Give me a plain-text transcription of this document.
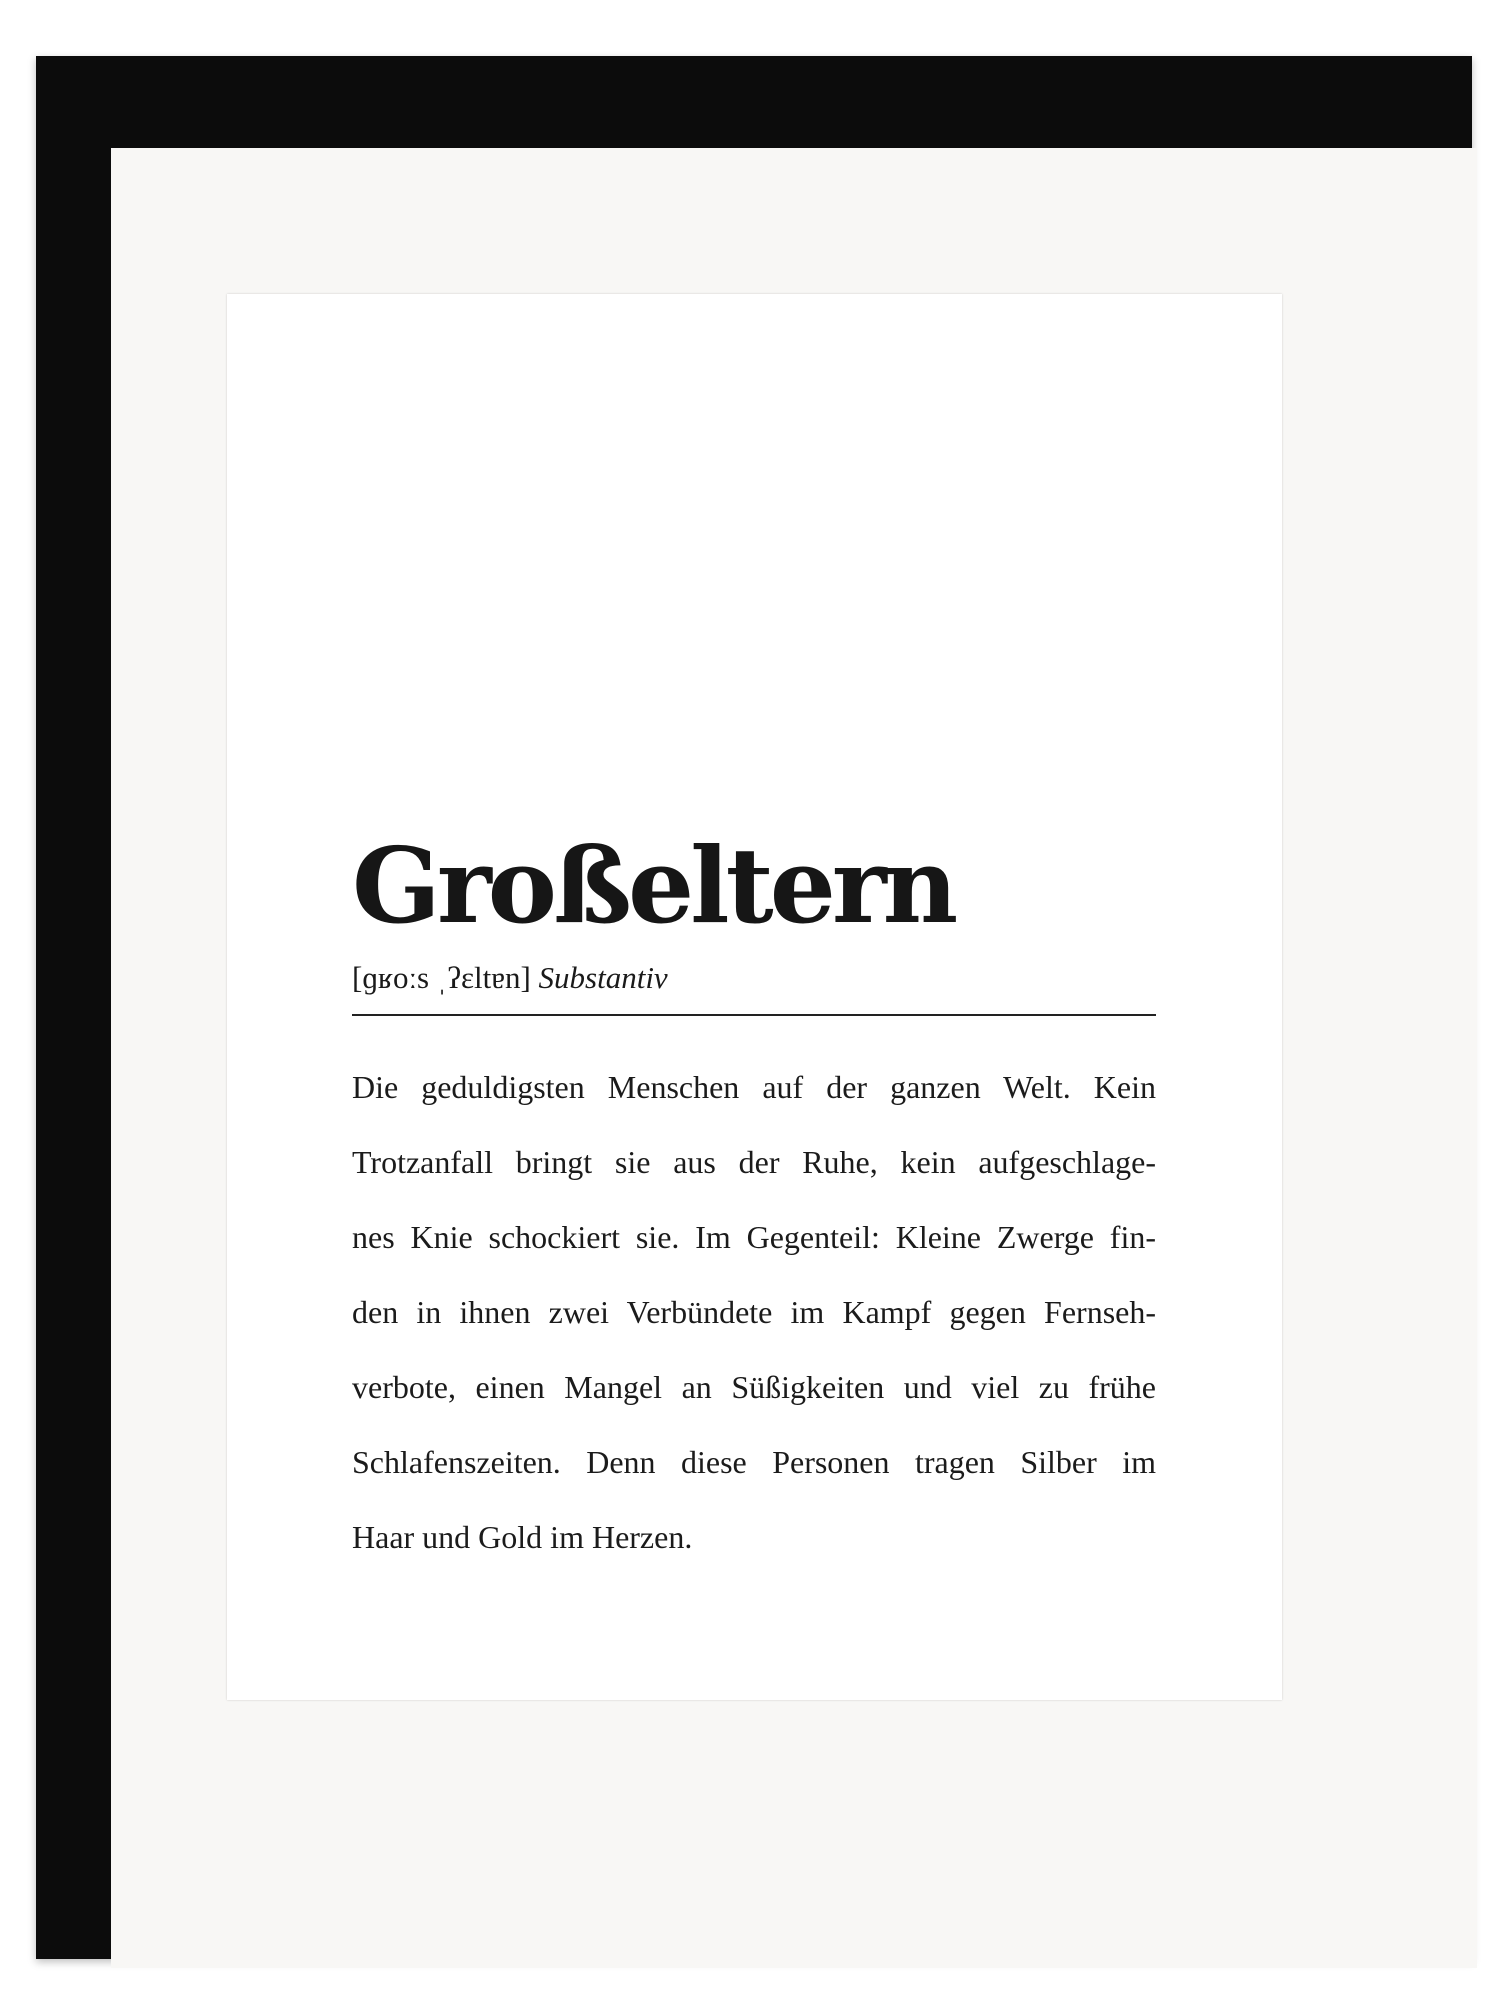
Großeltern
[ɡʁoːs ˌʔɛltɐn] Substantiv
Die geduldigsten Menschen auf der ganzen Welt. Kein
Trotzanfall bringt sie aus der Ruhe, kein aufgeschlage-
nes Knie schockiert sie. Im Gegenteil: Kleine Zwerge fin-
den in ihnen zwei Verbündete im Kampf gegen Fernseh-
verbote, einen Mangel an Süßigkeiten und viel zu frühe
Schlafenszeiten. Denn diese Personen tragen Silber im
Haar und Gold im Herzen.
